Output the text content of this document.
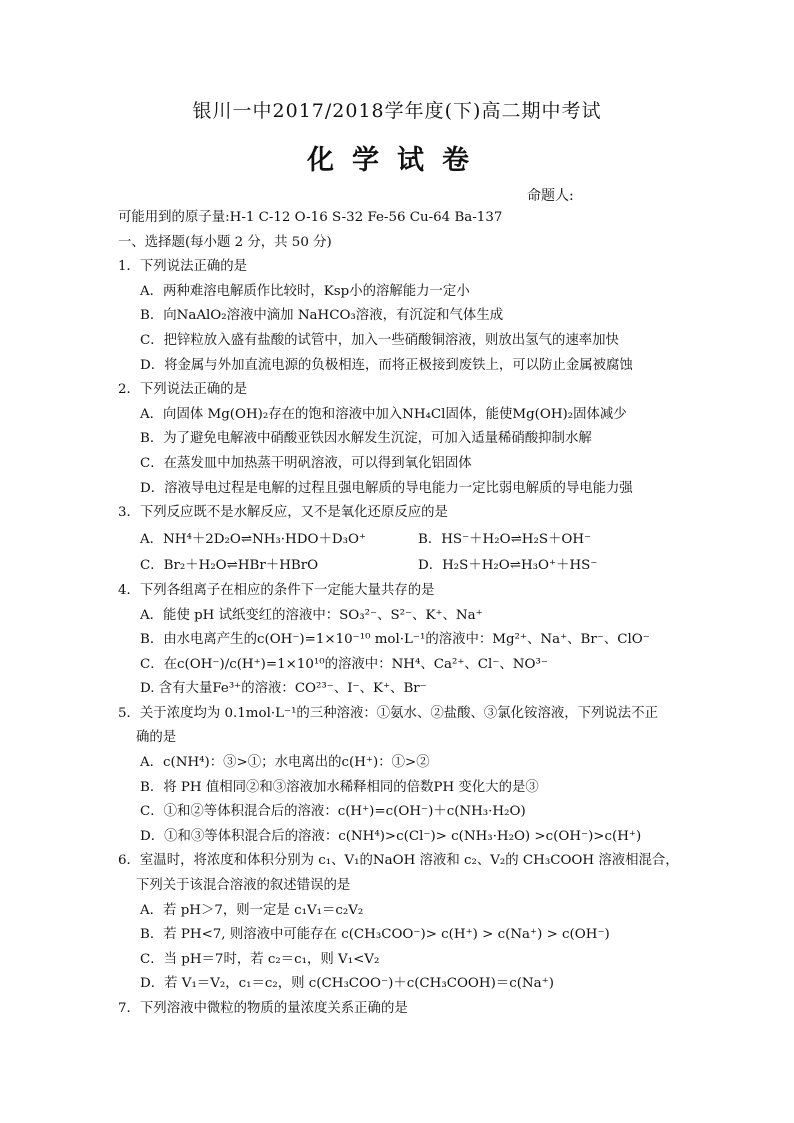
银川一中2017/2018学年度(下)高二期中考试
化学试卷
命题人:
可能用到的原子量:H-1 C-12 O-16 S-32 Fe-56 Cu-64 Ba-137
一、选择题(每小题 2 分，共 50 分)
1．下列说法正确的是
A．两种难溶电解质作比较时，Ksp小的溶解能力一定小
B．向NaAlO₂溶液中滴加 NaHCO₃溶液，有沉淀和气体生成
C．把锌粒放入盛有盐酸的试管中，加入一些硝酸铜溶液，则放出氢气的速率加快
D．将金属与外加直流电源的负极相连，而将正极接到废铁上，可以防止金属被腐蚀
2．下列说法正确的是
A．向固体 Mg(OH)₂存在的饱和溶液中加入NH₄Cl固体，能使Mg(OH)₂固体减少
B．为了避免电解液中硝酸亚铁因水解发生沉淀，可加入适量稀硝酸抑制水解
C．在蒸发皿中加热蒸干明矾溶液，可以得到氧化铝固体
D．溶液导电过程是电解的过程且强电解质的导电能力一定比弱电解质的导电能力强
3．下列反应既不是水解反应，又不是氧化还原反应的是
A．NH⁴＋2D₂O⇌NH₃·HDO＋D₃O⁺	B．HS⁻＋H₂O⇌H₂S＋OH⁻
C．Br₂＋H₂O⇌HBr＋HBrO	D．H₂S＋H₂O⇌H₃O⁺＋HS⁻
4．下列各组离子在相应的条件下一定能大量共存的是
A．能使 pH 试纸变红的溶液中：SO₃²⁻、S²⁻、K⁺、Na⁺
B．由水电离产生的c(OH⁻)=1×10⁻¹⁰ mol·L⁻¹的溶液中：Mg²⁺、Na⁺、Br⁻、ClO⁻
C．在c(OH⁻)/c(H⁺)=1×10¹⁰的溶液中：NH⁴、Ca²⁺、Cl⁻、NO³⁻
D. 含有大量Fe³⁺的溶液：CO²³⁻、I⁻、K⁺、Br⁻
5．关于浓度均为 0.1mol·L⁻¹的三种溶液：①氨水、②盐酸、③氯化铵溶液，下列说法不正
确的是
A．c(NH⁴)：③>①；水电离出的c(H⁺)：①>②
B．将 PH 值相同②和③溶液加水稀释相同的倍数PH 变化大的是③
C．①和②等体积混合后的溶液：c(H⁺)=c(OH⁻)＋c(NH₃·H₂O)
D．①和③等体积混合后的溶液：c(NH⁴)>c(Cl⁻)> c(NH₃·H₂O) >c(OH⁻)>c(H⁺)
6．室温时，将浓度和体积分别为 c₁、V₁的NaOH 溶液和 c₂、V₂的 CH₃COOH 溶液相混合，
下列关于该混合溶液的叙述错误的是
A．若 pH＞7，则一定是 c₁V₁＝c₂V₂
B．若 PH<7, 则溶液中可能存在 c(CH₃COO⁻)> c(H⁺) > c(Na⁺) > c(OH⁻)
C．当 pH＝7时，若 c₂＝c₁，则 V₁<V₂
D．若 V₁＝V₂，c₁＝c₂，则 c(CH₃COO⁻)＋c(CH₃COOH)＝c(Na⁺)
7．下列溶液中微粒的物质的量浓度关系正确的是
